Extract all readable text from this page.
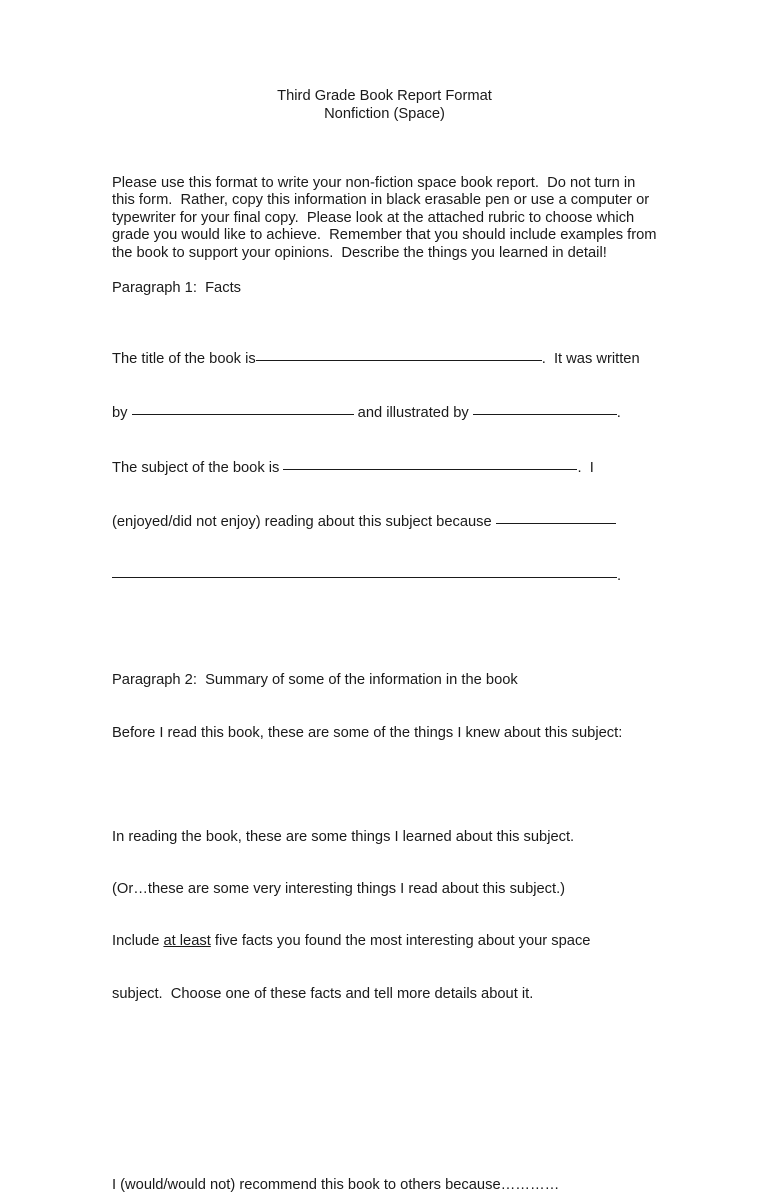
Third Grade Book Report Format
Nonfiction (Space)

Please use this format to write your non-fiction space book report.  Do not turn in this form.  Rather, copy this information in black erasable pen or use a computer or typewriter for your final copy.  Please look at the attached rubric to choose which grade you would like to achieve.  Remember that you should include examples from the book to support your opinions.  Describe the things you learned in detail!

Paragraph 1:  Facts

The title of the book is	.  It was written

by	and illustrated by	.

The subject of the book is	.  I

(enjoyed/did not enjoy) reading about this subject because

.

Paragraph 2:  Summary of some of the information in the book

Before I read this book, these are some of the things I knew about this subject:

In reading the book, these are some things I learned about this subject.

(Or…these are some very interesting things I read about this subject.)

Include at least five facts you found the most interesting about your space

subject.  Choose one of these facts and tell more details about it.

I (would/would not) recommend this book to others because…………
